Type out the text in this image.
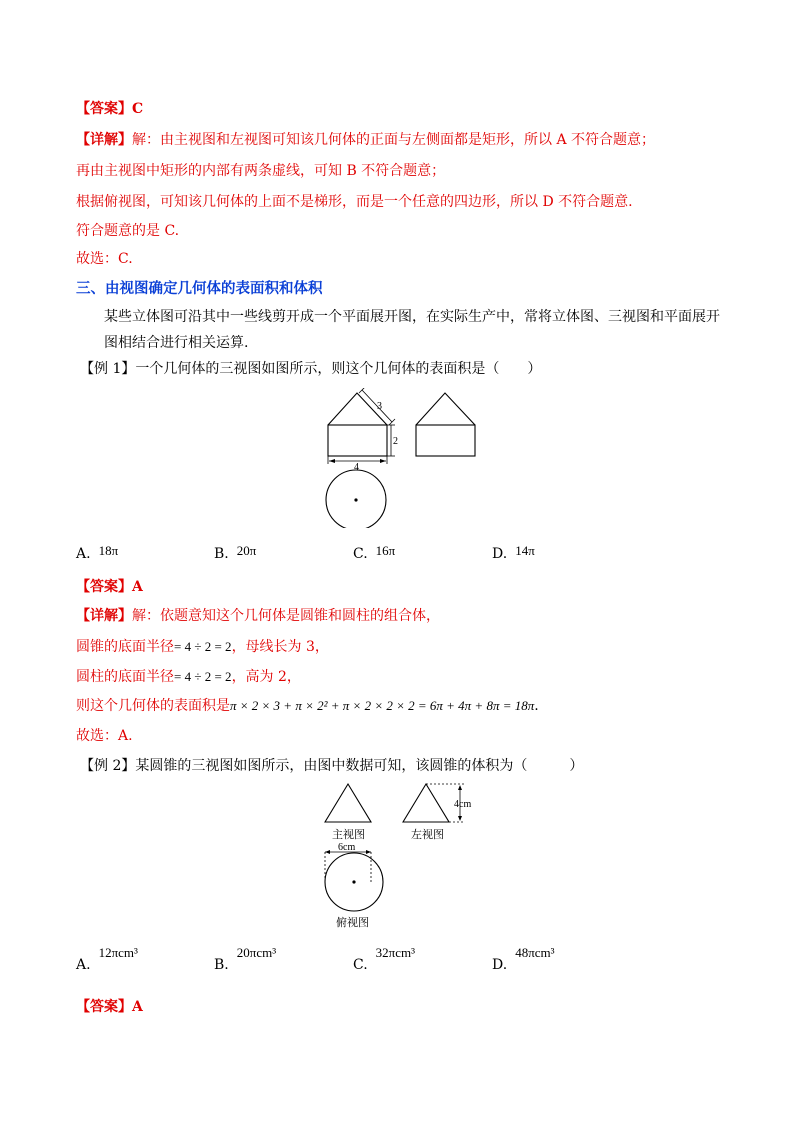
【答案】C
【详解】解：由主视图和左视图可知该几何体的正面与左侧面都是矩形，所以 A 不符合题意；
再由主视图中矩形的内部有两条虚线，可知 B 不符合题意；
根据俯视图，可知该几何体的上面不是梯形，而是一个任意的四边形，所以 D 不符合题意.
符合题意的是 C.
故选：C.
三、由视图确定几何体的表面积和体积
某些立体图可沿其中一些线剪开成一个平面展开图，在实际生产中，常将立体图、三视图和平面展开
图相结合进行相关运算.
【例 1】一个几何体的三视图如图所示，则这个几何体的表面积是（　　）
3
2
4
A. 18π	B. 20π	C. 16π	D. 14π
【答案】A
【详解】解：依题意知这个几何体是圆锥和圆柱的组合体，
圆锥的底面半径= 4 ÷ 2 = 2，母线长为 3，
圆柱的底面半径= 4 ÷ 2 = 2，高为 2，
则这个几何体的表面积是π × 2 × 3 + π × 2² + π × 2 × 2 × 2 = 6π + 4π + 8π = 18π.
故选：A.
【例 2】某圆锥的三视图如图所示，由图中数据可知，该圆锥的体积为（　　　）
主视图
4cm
左视图
6cm
俯视图
A.12πcm³
B.20πcm³
C.32πcm³
D.48πcm³
【答案】A
